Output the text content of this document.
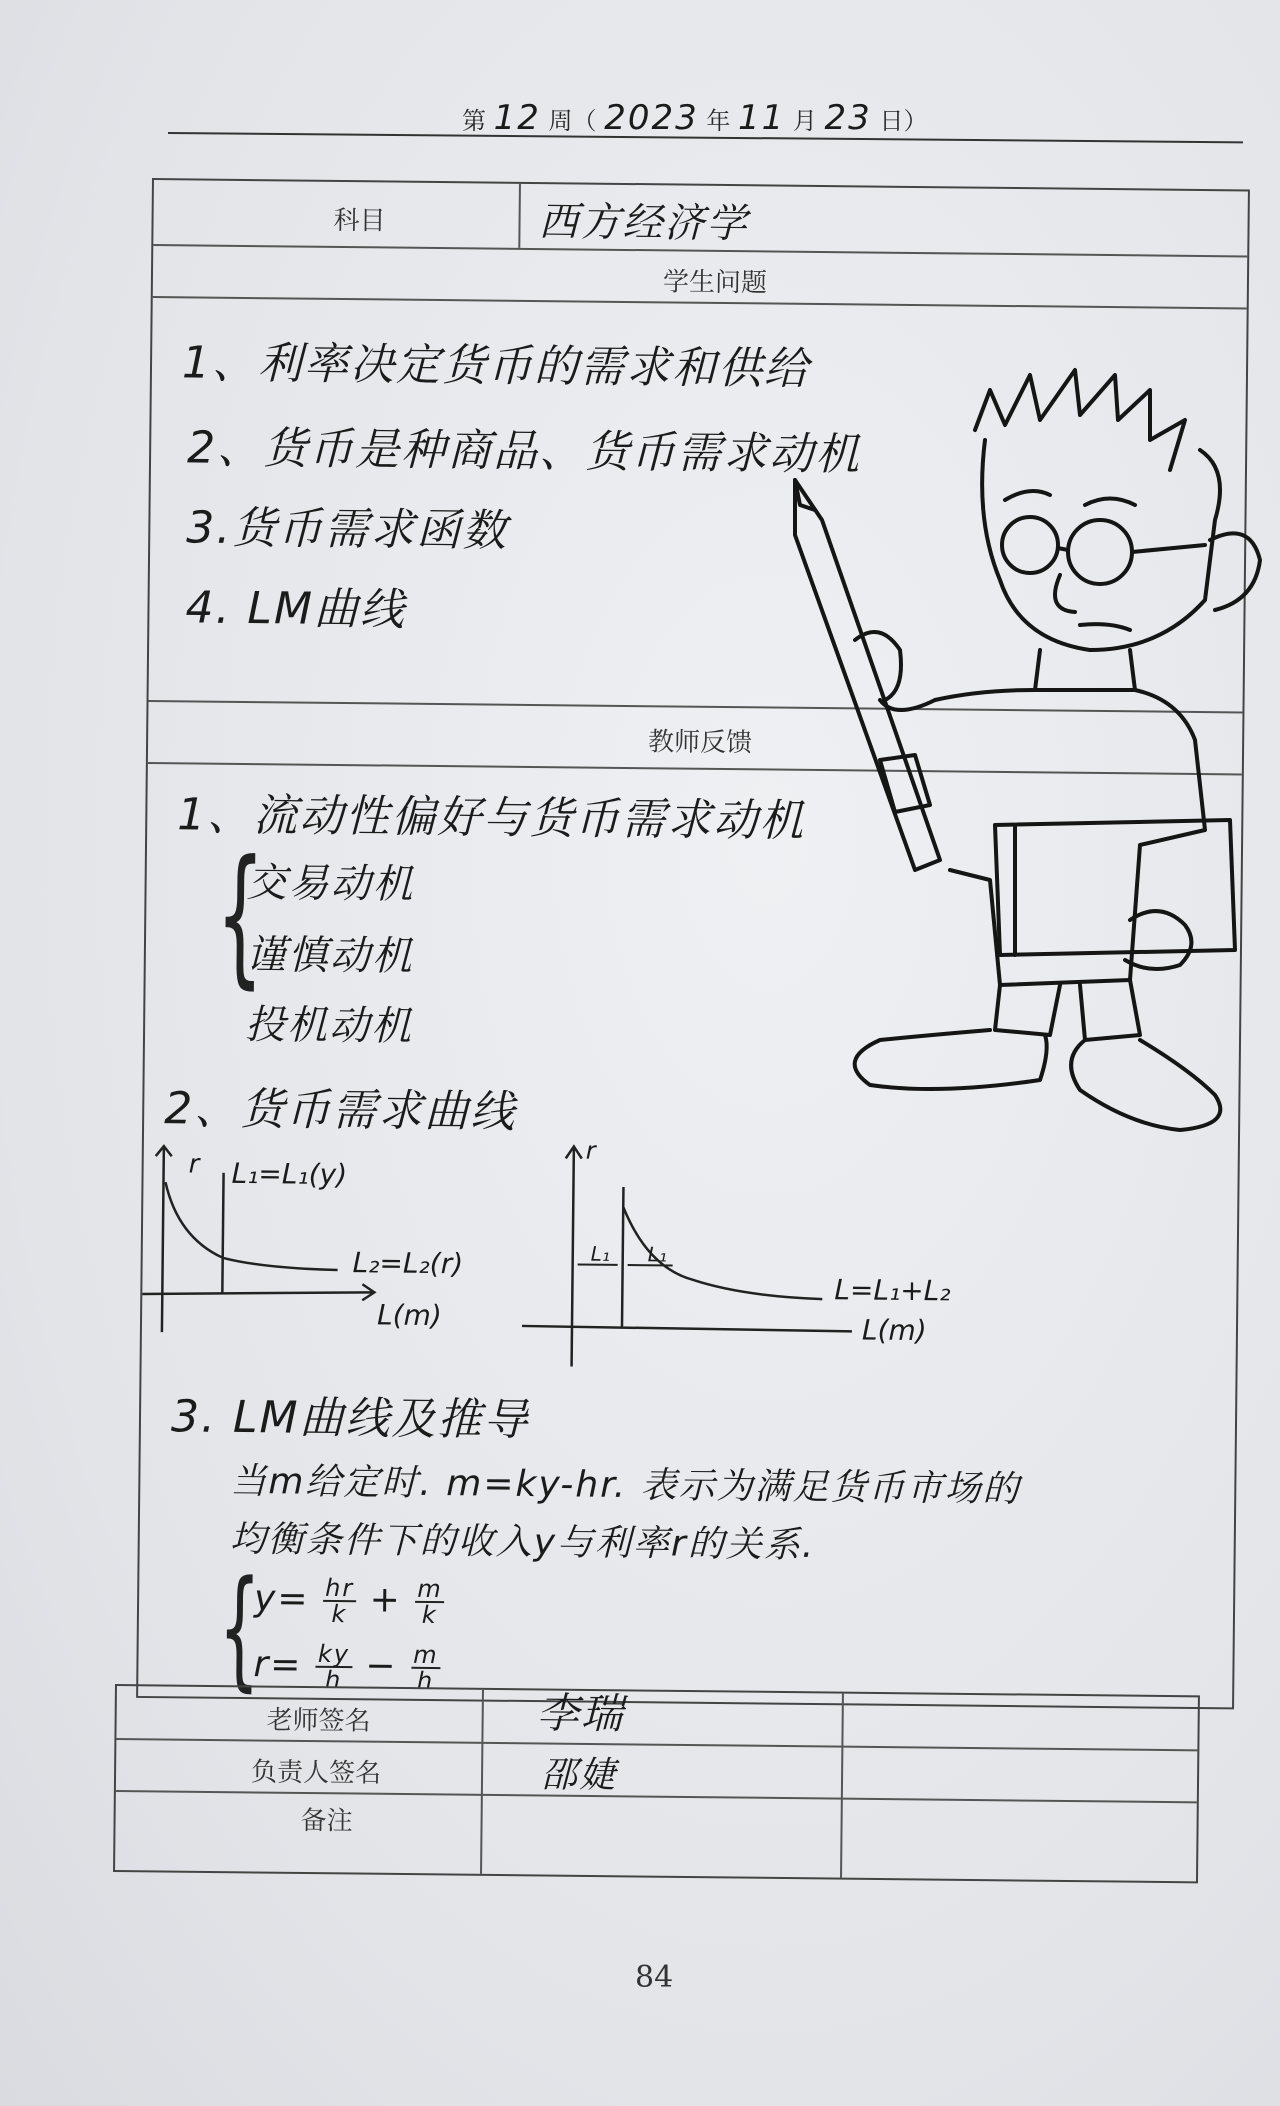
第 12 周（ 2023 年 11 月 23 日）
科目	西方经济学
学生问题
1、利率决定货币的需求和供给
2、货币是种商品、货币需求动机
3.货币需求函数
4. LM曲线
教师反馈
1、流动性偏好与货币需求动机
{
交易动机
谨慎动机
投机动机
2、货币需求曲线
r L₁=L₁(y)
L₂=L₂(r)
L(m)
r
L₁ L₁
L=L₁+L₂
L(m)
3. LM曲线及推导
当m给定时. m=ky-hr. 表示为满足货币市场的
均衡条件下的收入y与利率r的关系.
{
$y= \frac{hr}{k} + \frac{m}{k}$
$r= \frac{ky}{h} - \frac{m}{h}$
老师签名	李瑞
负责人签名	邵婕
备注
84
